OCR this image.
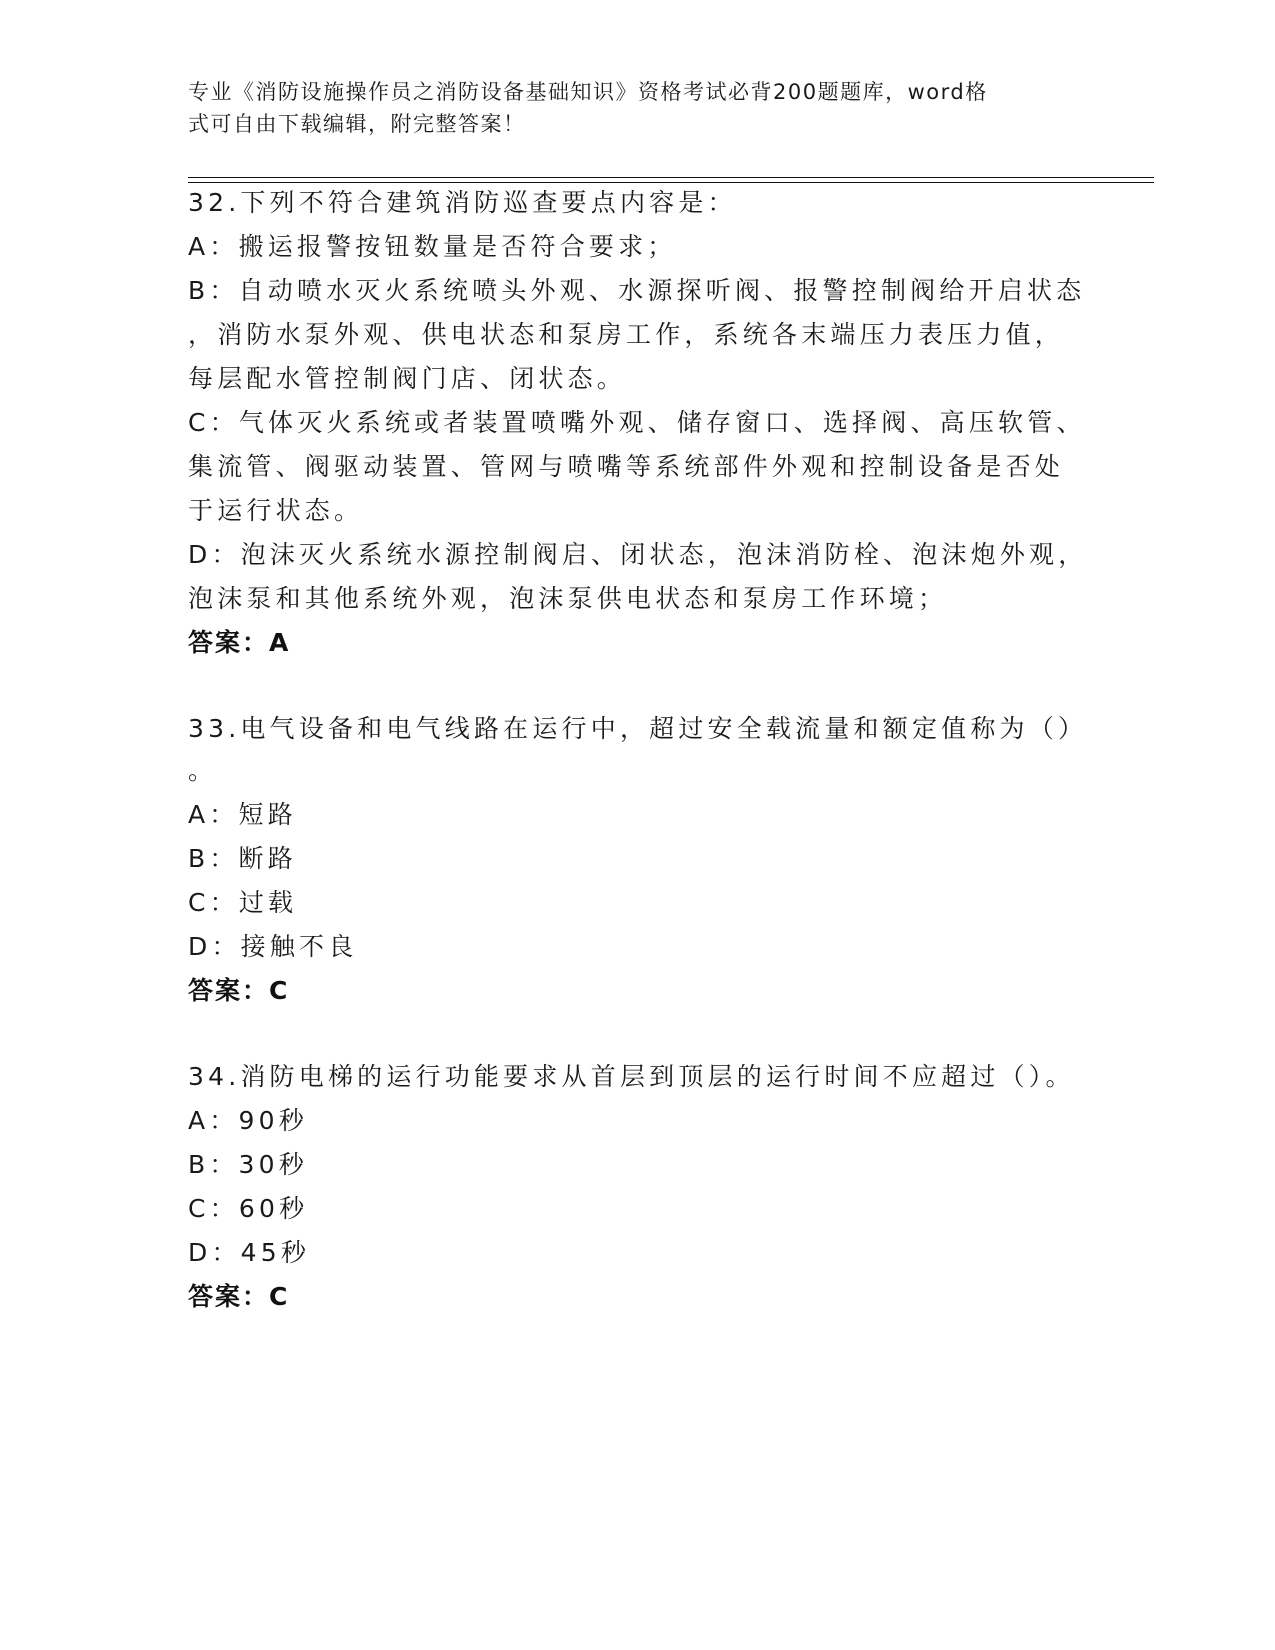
专业《消防设施操作员之消防设备基础知识》资格考试必背200题题库，word格
式可自由下载编辑，附完整答案！
32.下列不符合建筑消防巡查要点内容是：
A：搬运报警按钮数量是否符合要求；
B：自动喷水灭火系统喷头外观、水源探听阀、报警控制阀给开启状态
，消防水泵外观、供电状态和泵房工作，系统各末端压力表压力值，
每层配水管控制阀门店、闭状态。
C：气体灭火系统或者装置喷嘴外观、储存窗口、选择阀、高压软管、
集流管、阀驱动装置、管网与喷嘴等系统部件外观和控制设备是否处
于运行状态。
D：泡沫灭火系统水源控制阀启、闭状态，泡沫消防栓、泡沫炮外观，
泡沫泵和其他系统外观，泡沫泵供电状态和泵房工作环境；
答案：A
33.电气设备和电气线路在运行中，超过安全载流量和额定值称为（）
。
A：短路
B：断路
C：过载
D：接触不良
答案：C
34.消防电梯的运行功能要求从首层到顶层的运行时间不应超过（）。
A：90秒
B：30秒
C：60秒
D：45秒
答案：C
